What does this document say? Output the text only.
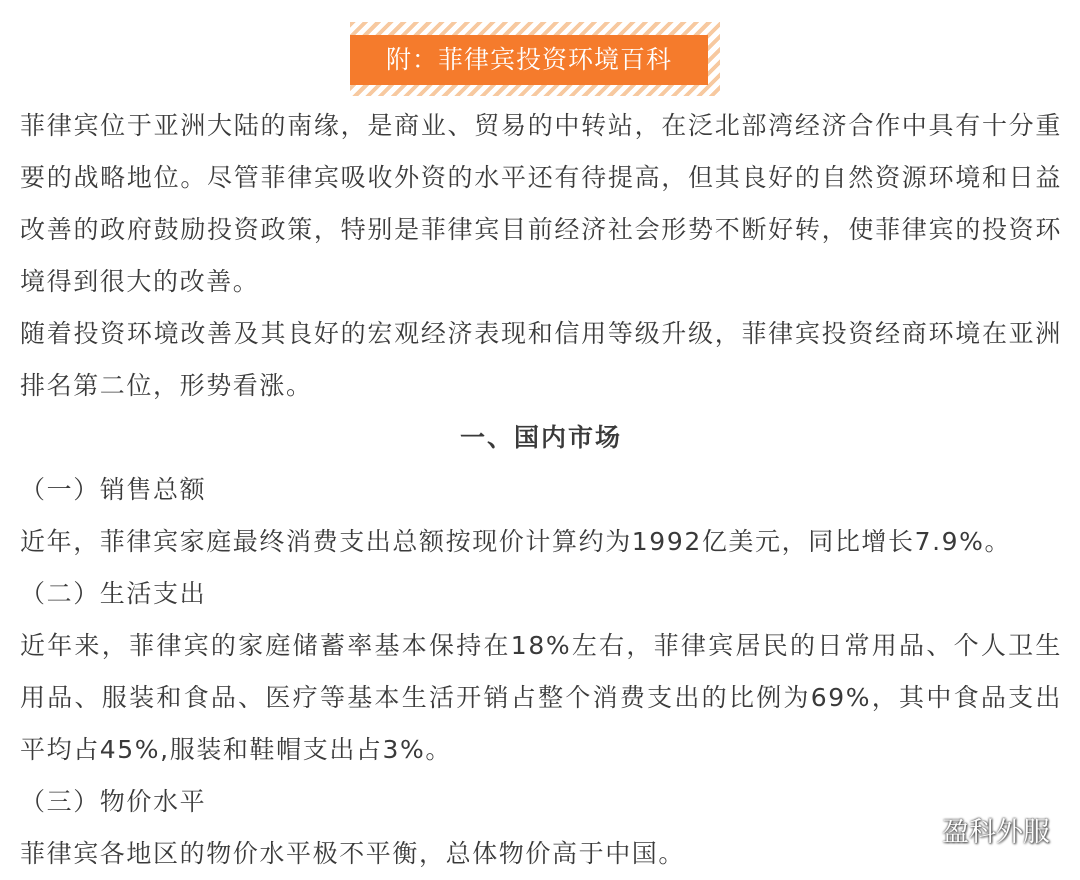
附：菲律宾投资环境百科

菲律宾位于亚洲大陆的南缘，是商业、贸易的中转站，在泛北部湾经济合作中具有十分重要的战略地位。尽管菲律宾吸收外资的水平还有待提高，但其良好的自然资源环境和日益改善的政府鼓励投资政策，特别是菲律宾目前经济社会形势不断好转，使菲律宾的投资环境得到很大的改善。

随着投资环境改善及其良好的宏观经济表现和信用等级升级，菲律宾投资经商环境在亚洲排名第二位，形势看涨。

一、国内市场

（一）销售总额

近年，菲律宾家庭最终消费支出总额按现价计算约为1992亿美元，同比增长7.9%。

（二）生活支出

近年来，菲律宾的家庭储蓄率基本保持在18%左右，菲律宾居民的日常用品、个人卫生用品、服装和食品、医疗等基本生活开销占整个消费支出的比例为69%，其中食品支出平均占45%,服装和鞋帽支出占3%。

（三）物价水平

菲律宾各地区的物价水平极不平衡，总体物价高于中国。

盈科外服
